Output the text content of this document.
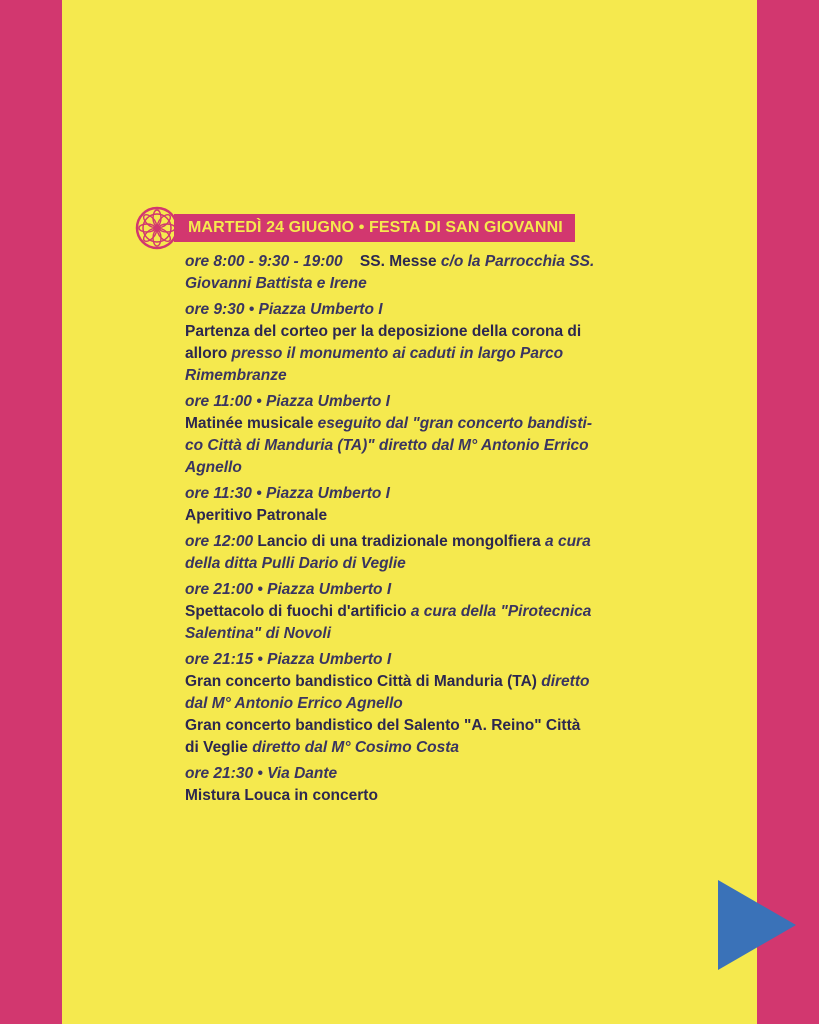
MARTEDÌ 24 GIUGNO • FESTA DI SAN GIOVANNI
ore 8:00 - 9:30 - 19:00 SS. Messe c/o la Parrocchia SS.
Giovanni Battista e Irene
ore 9:30 • Piazza Umberto I
Partenza del corteo per la deposizione della corona di
alloro presso il monumento ai caduti in largo Parco
Rimembranze
ore 11:00 • Piazza Umberto I
Matinée musicale eseguito dal "gran concerto bandisti-
co Città di Manduria (TA)" diretto dal M° Antonio Errico
Agnello
ore 11:30 • Piazza Umberto I
Aperitivo Patronale
ore 12:00 Lancio di una tradizionale mongolfiera a cura
della ditta Pulli Dario di Veglie
ore 21:00 • Piazza Umberto I
Spettacolo di fuochi d'artificio a cura della "Pirotecnica
Salentina" di Novoli
ore 21:15 • Piazza Umberto I
Gran concerto bandistico Città di Manduria (TA) diretto
dal M° Antonio Errico Agnello
Gran concerto bandistico del Salento "A. Reino" Città
di Veglie diretto dal M° Cosimo Costa
ore 21:30 • Via Dante
Mistura Louca in concerto
